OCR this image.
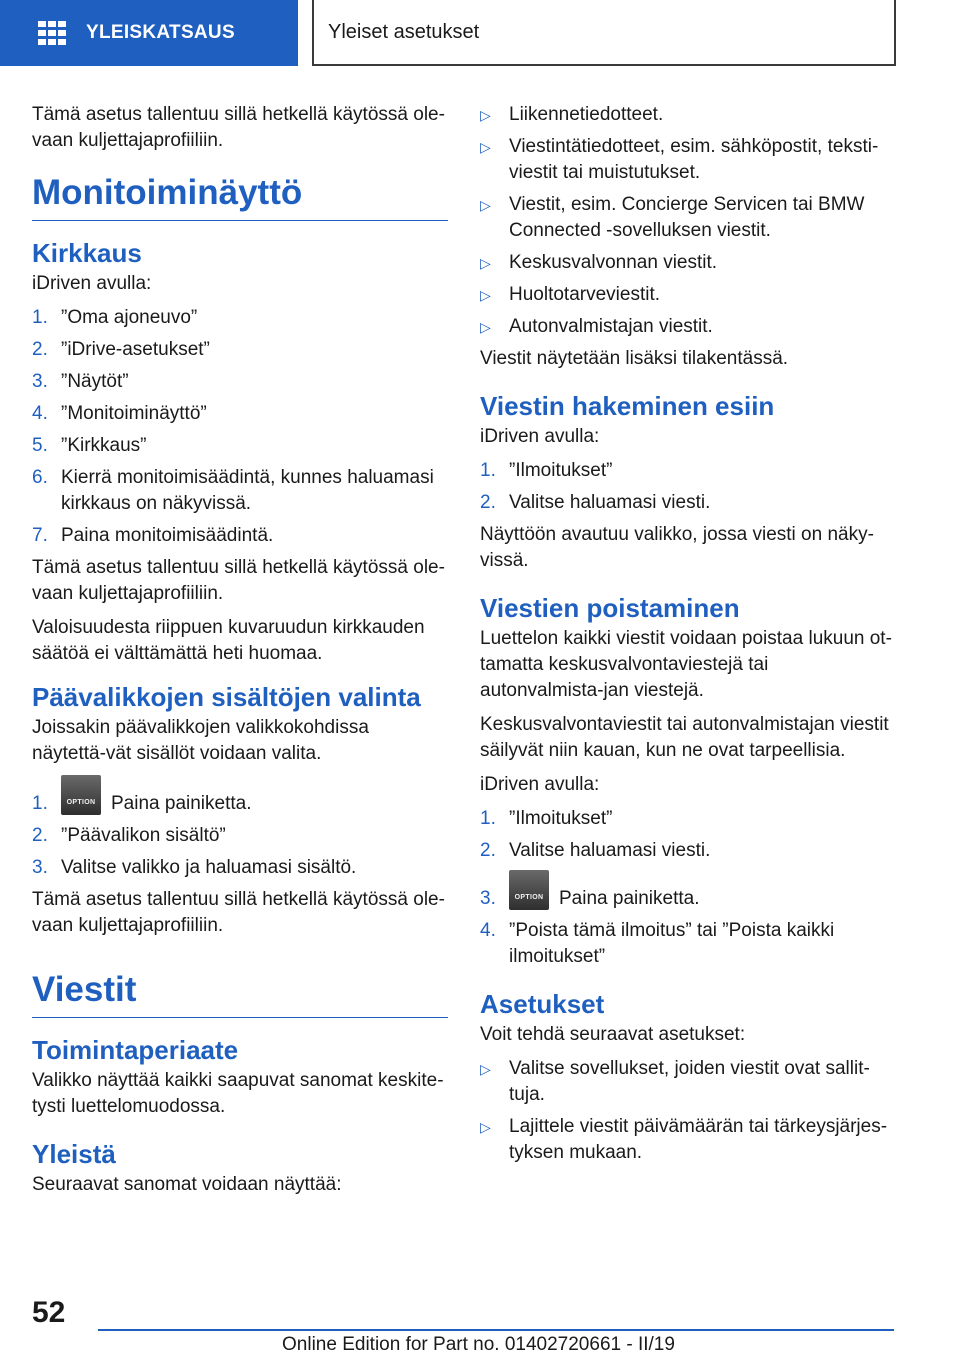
YLEISKATSAUS	Yleiset asetukset

Tämä asetus tallentuu sillä hetkellä käytössä ole-vaan kuljettajaprofiiliin.

Monitoiminäyttö
Kirkkaus

iDriven avulla:

1. ”Oma ajoneuvo”
2. ”iDrive-asetukset”
3. ”Näytöt”
4. ”Monitoiminäyttö”
5. ”Kirkkaus”
6. Kierrä monitoimisäädintä, kunnes haluamasi kirkkaus on näkyvissä.
7. Paina monitoimisäädintä.

Tämä asetus tallentuu sillä hetkellä käytössä ole-vaan kuljettajaprofiiliin.

Valoisuudesta riippuen kuvaruudun kirkkauden säätöä ei välttämättä heti huomaa.

Päävalikkojen sisältöjen valinta

Joissakin päävalikkojen valikkokohdissa näytettä-vät sisällöt voidaan valita.

1.	OPTION Paina painiketta.
2. ”Päävalikon sisältö”
3. Valitse valikko ja haluamasi sisältö.

Tämä asetus tallentuu sillä hetkellä käytössä ole-vaan kuljettajaprofiiliin.

Viestit
Toimintaperiaate

Valikko näyttää kaikki saapuvat sanomat keskite-tysti luettelomuodossa.

Yleistä

Seuraavat sanomat voidaan näyttää:

▷ Liikennetiedotteet.
▷ Viestintätiedotteet, esim. sähköpostit, teksti-viestit tai muistutukset.
▷ Viestit, esim. Concierge Servicen tai BMW Connected -sovelluksen viestit.
▷ Keskusvalvonnan viestit.
▷ Huoltotarveviestit.
▷ Autonvalmistajan viestit.

Viestit näytetään lisäksi tilakentässä.

Viestin hakeminen esiin

iDriven avulla:

1. ”Ilmoitukset”
2. Valitse haluamasi viesti.

Näyttöön avautuu valikko, jossa viesti on näky-vissä.

Viestien poistaminen

Luettelon kaikki viestit voidaan poistaa lukuun ot-tamatta keskusvalvontaviestejä tai autonvalmista-jan viestejä.

Keskusvalvontaviestit tai autonvalmistajan viestit säilyvät niin kauan, kun ne ovat tarpeellisia.

iDriven avulla:

1. ”Ilmoitukset”
2. Valitse haluamasi viesti.
3.	OPTION Paina painiketta.
4. ”Poista tämä ilmoitus” tai ”Poista kaikki ilmoitukset”
Asetukset

Voit tehdä seuraavat asetukset:

▷ Valitse sovellukset, joiden viestit ovat sallit-tuja.
▷ Lajittele viestit päivämäärän tai tärkeysjärjes-tyksen mukaan.
52
Online Edition for Part no. 01402720661 - II/19
